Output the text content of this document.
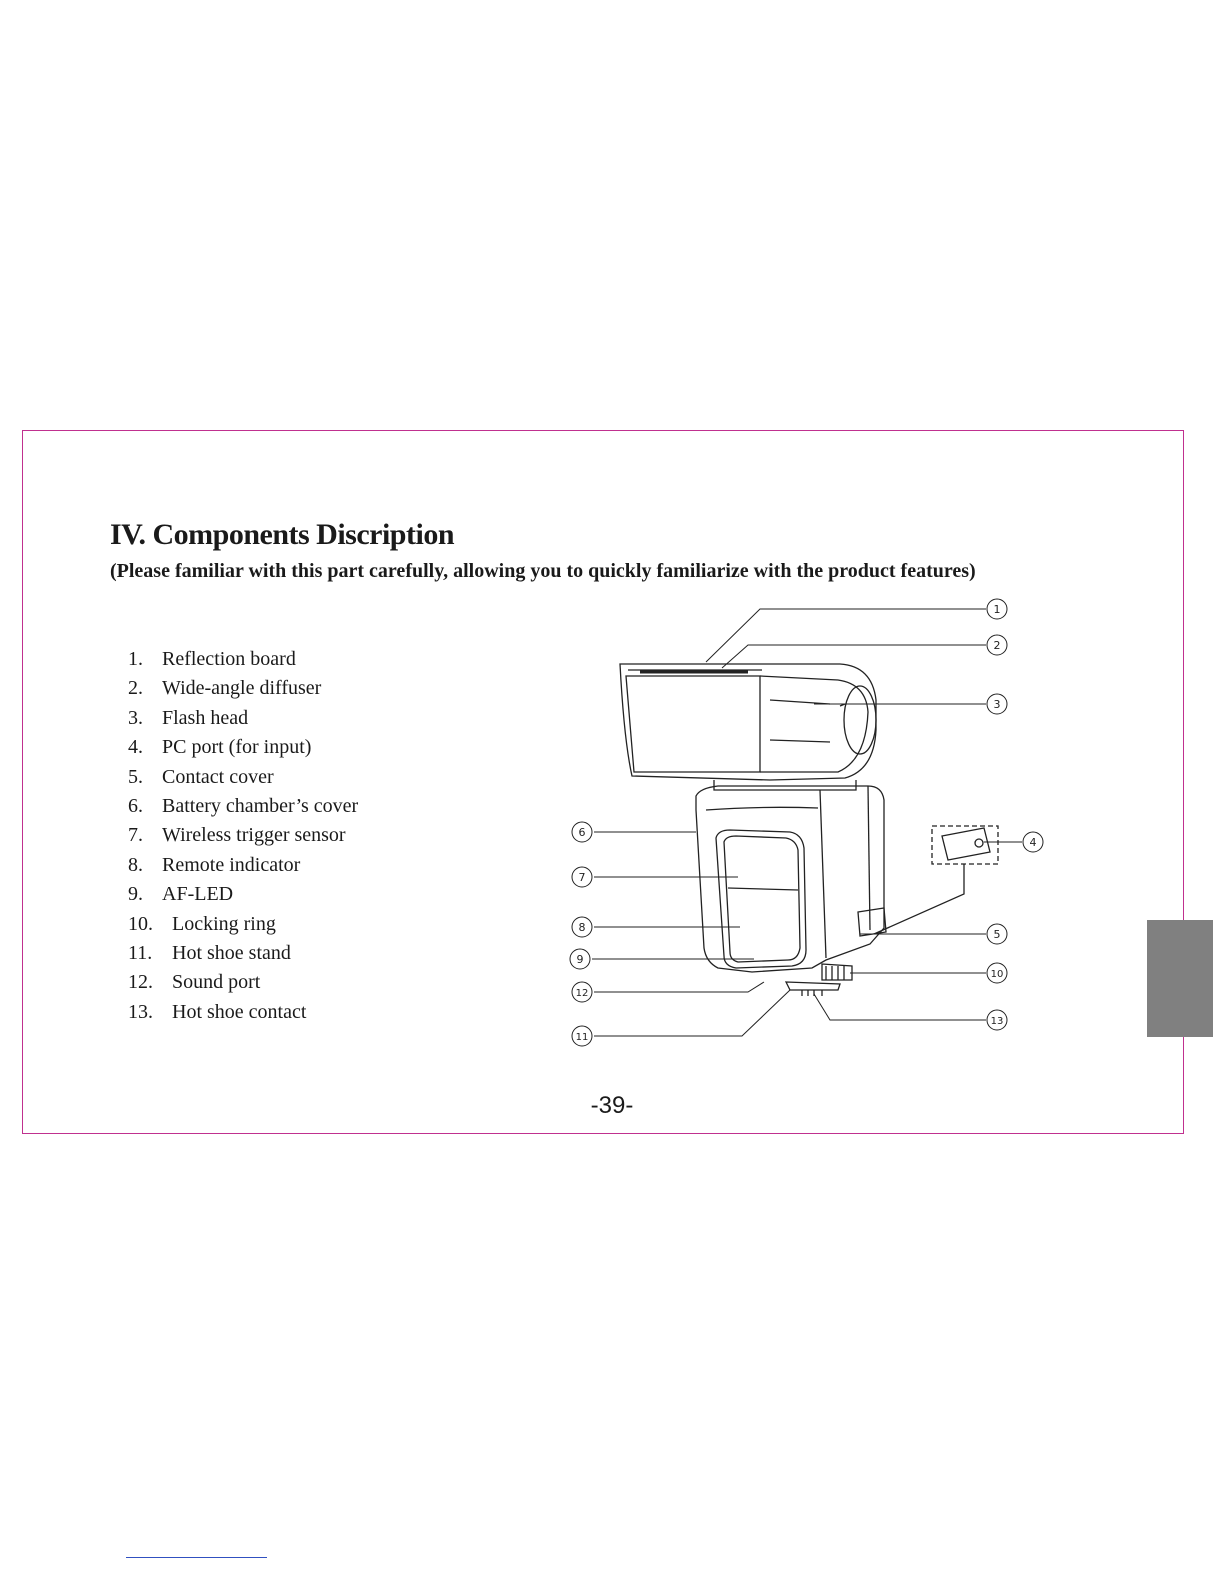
IV. Components Discription

(Please familiar with this part carefully, allowing you to quickly familiarize with the product features)

1. Reflection board
2. Wide-angle diffuser
3. Flash head
4. PC port (for input)
5. Contact cover
6. Battery chamber’s cover
7. Wireless trigger sensor
8. Remote indicator
9. AF-LED
10. Locking ring
11. Hot shoe stand
12. Sound port
13. Hot shoe contact
1
2
3
4
5
6
7
8
9
10
11
12
13
-39-
